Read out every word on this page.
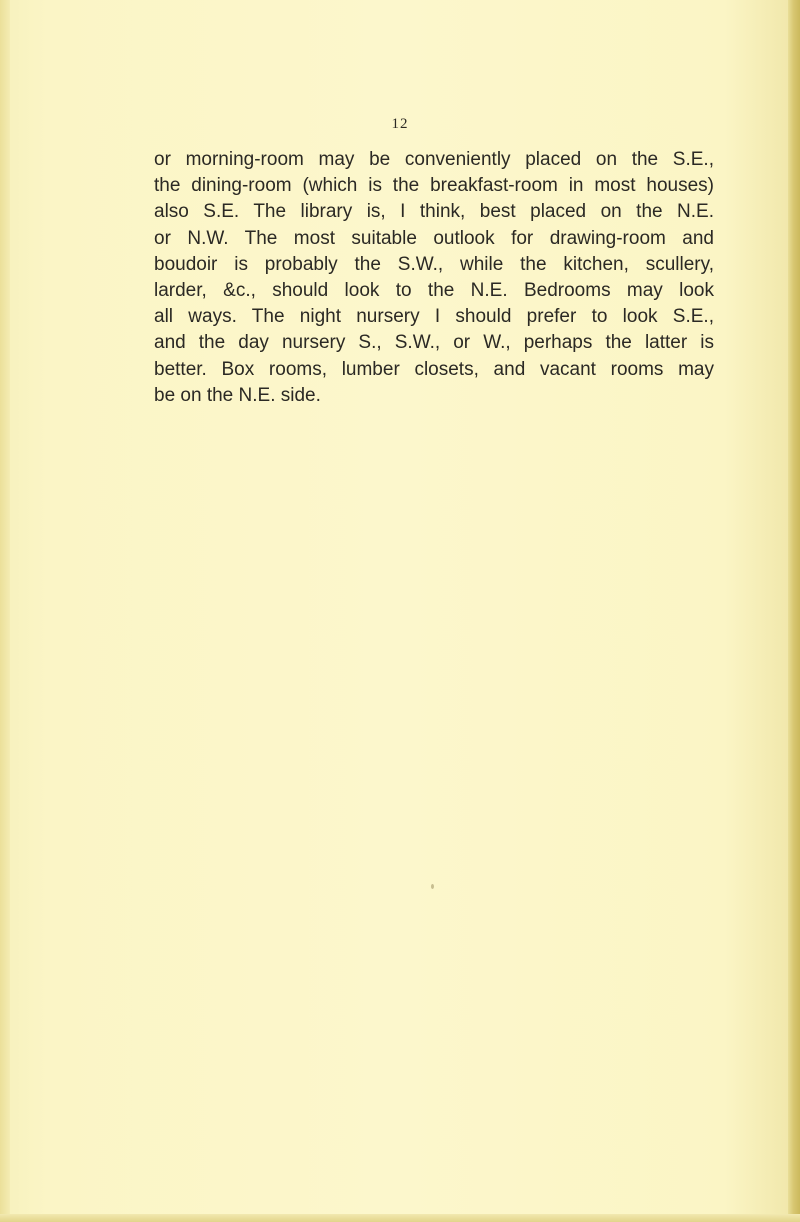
12
or morning-room may be conveniently placed on the S.E.,
the dining-room (which is the breakfast-room in most houses)
also S.E. The library is, I think, best placed on the N.E.
or N.W. The most suitable outlook for drawing-room and
boudoir is probably the S.W., while the kitchen, scullery,
larder, &c., should look to the N.E. Bedrooms may look
all ways. The night nursery I should prefer to look S.E.,
and the day nursery S., S.W., or W., perhaps the latter is
better. Box rooms, lumber closets, and vacant rooms may
be on the N.E. side.
